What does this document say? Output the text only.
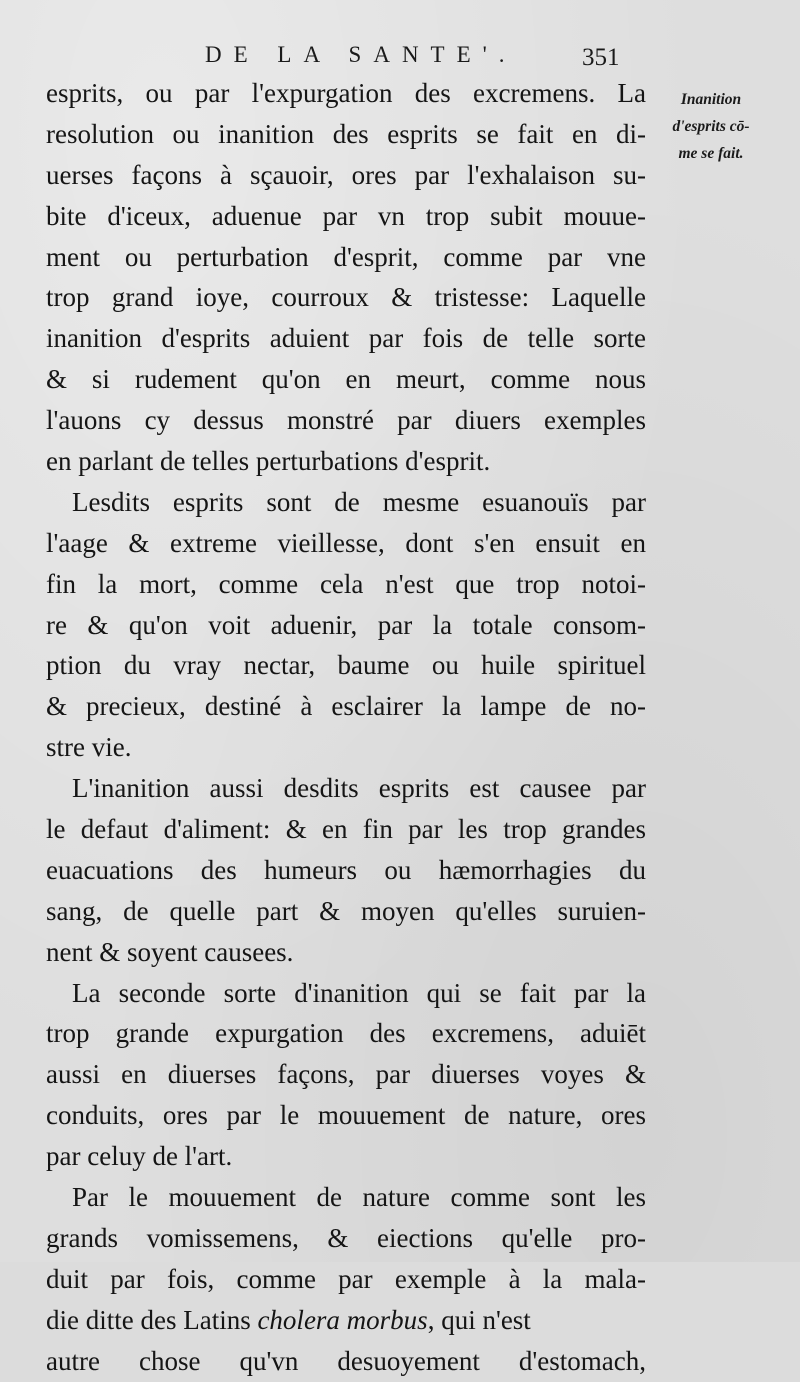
DE LA SANTE'.	351
Inanition
d'esprits cō-
me se fait.
esprits, ou par l'expurgation des excremens. La
resolution ou inanition des esprits se fait en di-
uerses façons à sçauoir, ores par l'exhalaison su-
bite d'iceux, aduenue par vn trop subit mouue-
ment ou perturbation d'esprit, comme par vne
trop grand ioye, courroux & tristesse: Laquelle
inanition d'esprits aduient par fois de telle sorte
& si rudement qu'on en meurt, comme nous
l'auons cy dessus monstré par diuers exemples
en parlant de telles perturbations d'esprit.
Lesdits esprits sont de mesme esuanouïs par
l'aage & extreme vieillesse, dont s'en ensuit en
fin la mort, comme cela n'est que trop notoi-
re & qu'on voit aduenir, par la totale consom-
ption du vray nectar, baume ou huile spirituel
& precieux, destiné à esclairer la lampe de no-
stre vie.
L'inanition aussi desdits esprits est causee par
le defaut d'aliment: & en fin par les trop grandes
euacuations des humeurs ou hæmorrhagies du
sang, de quelle part & moyen qu'elles suruien-
nent & soyent causees.
La seconde sorte d'inanition qui se fait par la
trop grande expurgation des excremens, aduiēt
aussi en diuerses façons, par diuerses voyes &
conduits, ores par le mouuement de nature, ores
par celuy de l'art.
Par le mouuement de nature comme sont les
grands vomissemens, & eiections qu'elle pro-
duit par fois, comme par exemple à la mala-
die ditte des Latins cholera morbus, qui n'est
autre chose qu'vn desuoyement d'estomach,
